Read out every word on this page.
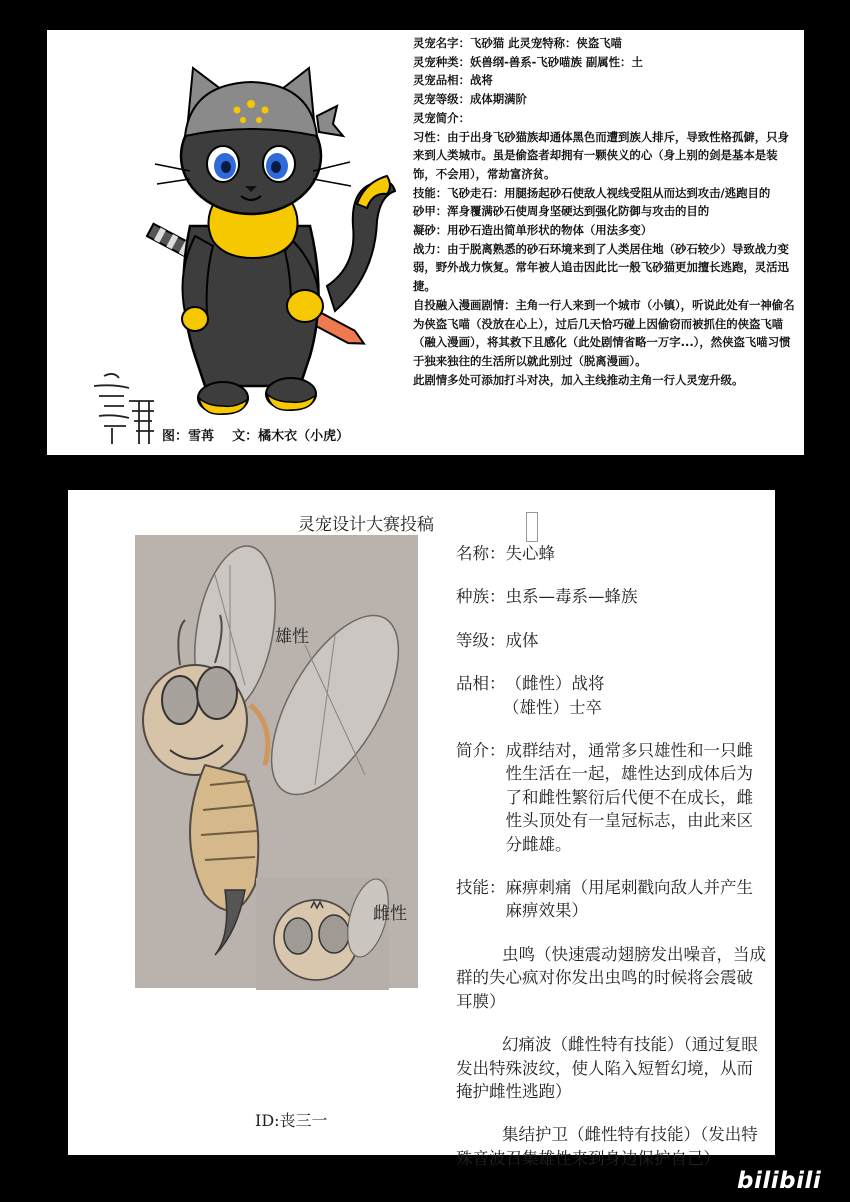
图：雪苒    文：橘木衣（小虎）

灵宠名字：飞砂猫 此灵宠特称：侠盗飞喵

灵宠种类：妖兽纲-兽系-飞砂喵族 副属性：土

灵宠品相：战将

灵宠等级：成体期满阶

灵宠简介：

习性：由于出身飞砂猫族却通体黑色而遭到族人排斥，导致性格孤僻，只身来到人类城市。虽是偷盗者却拥有一颗侠义的心（身上别的剑是基本是装饰，不会用），常劫富济贫。

技能：飞砂走石：用腿扬起砂石使敌人视线受阻从而达到攻击/逃跑目的

砂甲：浑身覆满砂石使周身坚硬达到强化防御与攻击的目的

凝砂：用砂石造出简单形状的物体（用法多变）

战力：由于脱离熟悉的砂石环境来到了人类居住地（砂石较少）导致战力变弱，野外战力恢复。常年被人追击因此比一般飞砂猫更加擅长逃跑，灵活迅捷。

自投融入漫画剧情：主角一行人来到一个城市（小镇），听说此处有一神偷名为侠盗飞喵（没放在心上），过后几天恰巧碰上因偷窃而被抓住的侠盗飞喵（融入漫画），将其救下且感化（此处剧情省略一万字...），然侠盗飞喵习惯于独来独往的生活所以就此别过（脱离漫画）。

此剧情多处可添加打斗对决，加入主线推动主角一行人灵宠升级。

灵宠设计大赛投稿
雄性
雌性
ID:丧三一
名称： 失心蜂
种族： 虫系—毒系—蜂族
等级： 成体
品相： （雌性）战将
（雄性）士卒
简介： 成群结对，通常多只雄性和一只雌性生活在一起，雄性达到成体后为了和雌性繁衍后代便不在成长，雌性头顶处有一皇冠标志，由此来区分雌雄。
技能： 麻痹刺痛（用尾刺戳向敌人并产生麻痹效果）

虫鸣（快速震动翅膀发出噪音，当成群的失心疯对你发出虫鸣的时候将会震破耳膜）

幻痛波（雌性特有技能）（通过复眼发出特殊波纹，使人陷入短暂幻境，从而掩护雌性逃跑）

集结护卫（雌性特有技能）（发出特殊音波召集雄性来到身边保护自己）

bilibili
